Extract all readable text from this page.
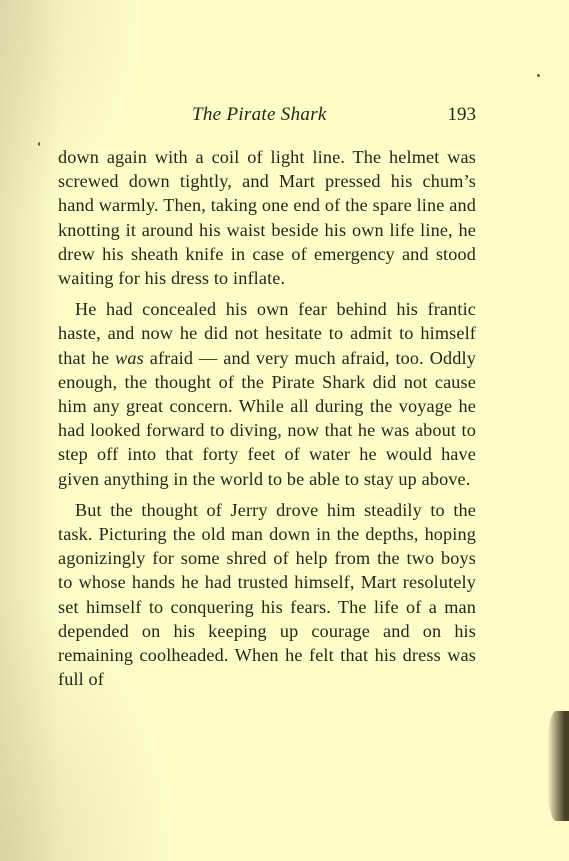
The Pirate Shark	193

down again with a coil of light line. The helmet was screwed down tightly, and Mart pressed his chum’s hand warmly. Then, taking one end of the spare line and knotting it around his waist beside his own life line, he drew his sheath knife in case of emergency and stood waiting for his dress to inflate.

He had concealed his own fear behind his frantic haste, and now he did not hesitate to admit to himself that he was afraid — and very much afraid, too. Oddly enough, the thought of the Pirate Shark did not cause him any great concern. While all during the voyage he had looked forward to diving, now that he was about to step off into that forty feet of water he would have given anything in the world to be able to stay up above.

But the thought of Jerry drove him steadily to the task. Picturing the old man down in the depths, hoping agonizingly for some shred of help from the two boys to whose hands he had trusted himself, Mart resolutely set himself to conquering his fears. The life of a man depended on his keeping up courage and on his remaining coolheaded. When he felt that his dress was full of
